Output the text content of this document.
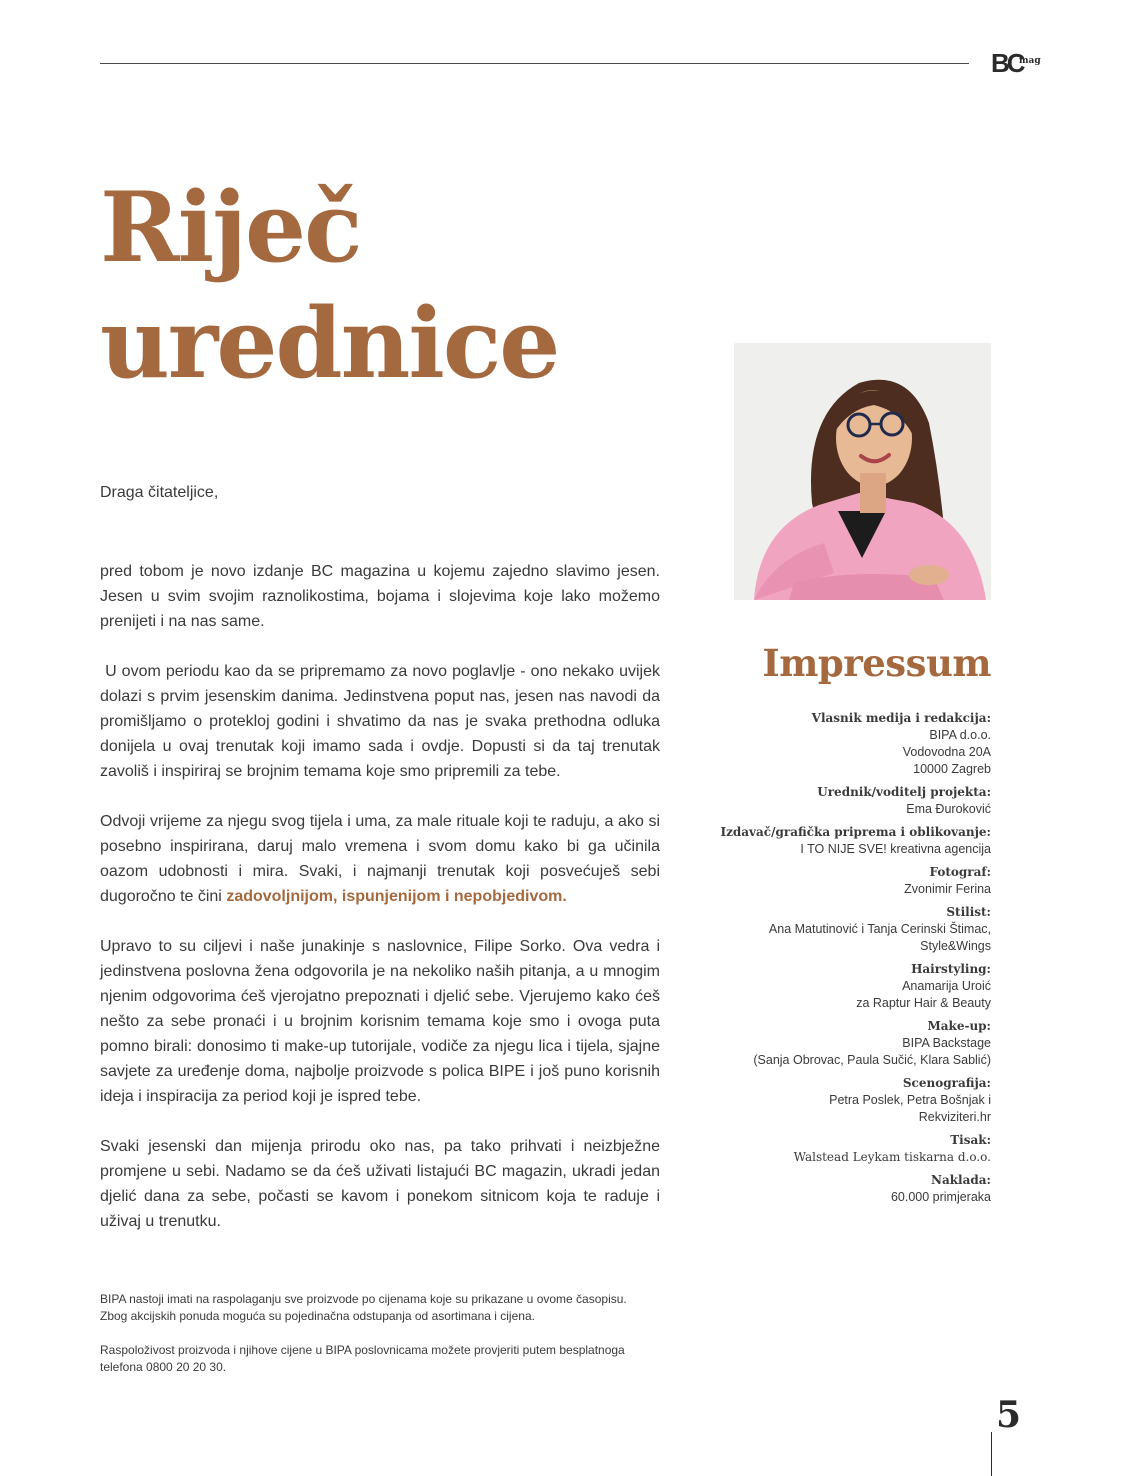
BC
mag
Riječ
urednice
Draga čitateljice,

pred tobom je novo izdanje BC magazina u kojemu zajedno slavimo jesen. Jesen u svim svojim raznolikostima, bojama i slojevima koje lako možemo prenijeti i na nas same.

U ovom periodu kao da se pripremamo za novo poglavlje - ono nekako uvijek dolazi s prvim jesenskim danima. Jedinstvena poput nas, jesen nas navodi da promišljamo o protekloj godini i shvatimo da nas je svaka prethodna odluka donijela u ovaj trenutak koji imamo sada i ovdje. Dopusti si da taj trenutak zavoliš i inspiriraj se brojnim temama koje smo pripremili za tebe.

Odvoji vrijeme za njegu svog tijela i uma, za male rituale koji te raduju, a ako si posebno inspirirana, daruj malo vremena i svom domu kako bi ga učinila oazom udobnosti i mira. Svaki, i najmanji trenutak koji posvećuješ sebi dugoročno te čini zadovoljnijom, ispunjenijom i nepobjedivom.

Upravo to su ciljevi i naše junakinje s naslovnice, Filipe Sorko. Ova vedra i jedinstvena poslovna žena odgovorila je na nekoliko naših pitanja, a u mnogim njenim odgovorima ćeš vjerojatno prepoznati i djelić sebe. Vjerujemo kako ćeš nešto za sebe pronaći i u brojnim korisnim temama koje smo i ovoga puta pomno birali: donosimo ti make-up tutorijale, vodiče za njegu lica i tijela, sjajne savjete za uređenje doma, najbolje proizvode s polica BIPE i još puno korisnih ideja i inspiracija za period koji je ispred tebe.

Svaki jesenski dan mijenja prirodu oko nas, pa tako prihvati i neizbježne promjene u sebi. Nadamo se da ćeš uživati listajući BC magazin, ukradi jedan djelić dana za sebe, počasti se kavom i ponekom sitnicom koja te raduje i uživaj u trenutku.

BIPA nastoji imati na raspolaganju sve proizvode po cijenama koje su prikazane u ovome časopisu.
Zbog akcijskih ponuda moguća su pojedinačna odstupanja od asortimana i cijena.

Raspoloživost proizvoda i njihove cijene u BIPA poslovnicama možete provjeriti putem besplatnoga
telefona 0800 20 20 30.

Impressum
Vlasnik medija i redakcija:
BIPA d.o.o.
Vodovodna 20A
10000 Zagreb
Urednik/voditelj projekta:
Ema Đuroković
Izdavač/grafička priprema i oblikovanje:
I TO NIJE SVE! kreativna agencija
Fotograf:
Zvonimir Ferina
Stilist:
Ana Matutinović i Tanja Cerinski Štimac,
Style&Wings
Hairstyling:
Anamarija Uroić
za Raptur Hair & Beauty
Make-up:
BIPA Backstage
(Sanja Obrovac, Paula Sučić, Klara Sablić)
Scenografija:
Petra Poslek, Petra Bošnjak i
Rekviziteri.hr
Tisak:
Walstead Leykam tiskarna d.o.o.
Naklada:
60.000 primjeraka
5
